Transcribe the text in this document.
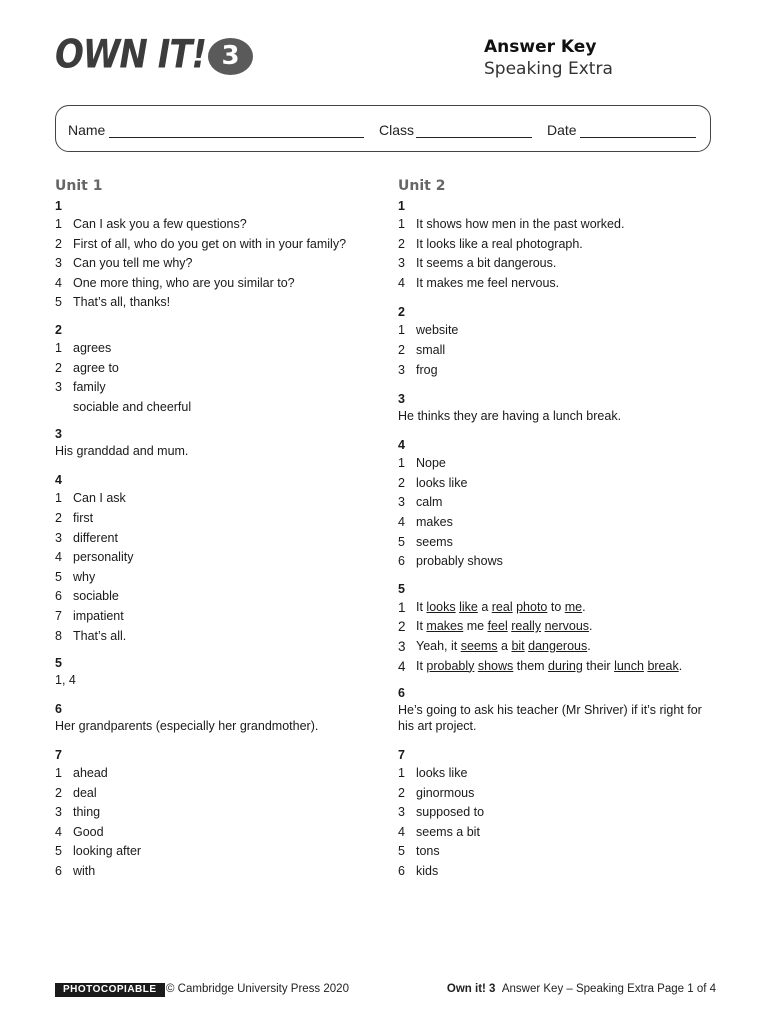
OWN IT! 3	Answer Key
Speaking Extra
Name	Class	Date
Unit 1
1
1 Can I ask you a few questions?
2 First of all, who do you get on with in your family?
3 Can you tell me why?
4 One more thing, who are you similar to?
5 That’s all, thanks!
2
1 agrees
2 agree to
3 family
sociable and cheerful
3
His granddad and mum.
4
1 Can I ask
2 first
3 different
4 personality
5 why
6 sociable
7 impatient
8 That’s all.
5
1, 4
6
Her grandparents (especially her grandmother).
7
1 ahead
2 deal
3 thing
4 Good
5 looking after
6 with
Unit 2
1
1 It shows how men in the past worked.
2 It looks like a real photograph.
3 It seems a bit dangerous.
4 It makes me feel nervous.
2
1 website
2 small
3 frog
3
He thinks they are having a lunch break.
4
1 Nope
2 looks like
3 calm
4 makes
5 seems
6 probably shows
5
1 It looks like a real photo to me.
2 It makes me feel really nervous.
3 Yeah, it seems a bit dangerous.
4 It probably shows them during their lunch break.
6
He’s going to ask his teacher (Mr Shriver) if it’s right for his art project.
7
1 looks like
2 ginormous
3 supposed to
4 seems a bit
5 tons
6 kids
PHOTOCOPIABLE © Cambridge University Press 2020	Own it! 3 Answer Key – Speaking Extra Page 1 of 4
